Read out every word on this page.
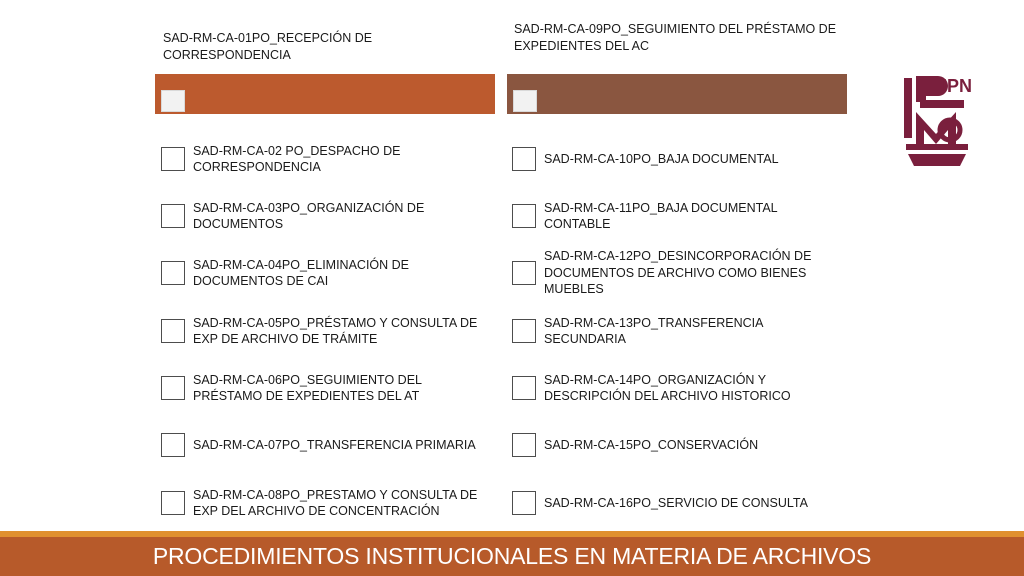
SAD-RM-CA-01PO_RECEPCIÓN DE CORRESPONDENCIA
SAD-RM-CA-09PO_SEGUIMIENTO DEL PRÉSTAMO DE EXPEDIENTES DEL AC
SAD-RM-CA-02 PO_DESPACHO DE CORRESPONDENCIA
SAD-RM-CA-03PO_ORGANIZACIÓN DE DOCUMENTOS
SAD-RM-CA-04PO_ELIMINACIÓN DE DOCUMENTOS DE CAI
SAD-RM-CA-05PO_PRÉSTAMO Y CONSULTA DE EXP DE ARCHIVO DE TRÁMITE
SAD-RM-CA-06PO_SEGUIMIENTO DEL PRÉSTAMO DE EXPEDIENTES DEL AT
SAD-RM-CA-07PO_TRANSFERENCIA PRIMARIA
SAD-RM-CA-08PO_PRESTAMO Y CONSULTA DE EXP DEL ARCHIVO DE CONCENTRACIÓN
SAD-RM-CA-10PO_BAJA DOCUMENTAL
SAD-RM-CA-11PO_BAJA DOCUMENTAL CONTABLE
SAD-RM-CA-12PO_DESINCORPORACIÓN DE DOCUMENTOS DE ARCHIVO COMO BIENES MUEBLES
SAD-RM-CA-13PO_TRANSFERENCIA SECUNDARIA
SAD-RM-CA-14PO_ORGANIZACIÓN Y DESCRIPCIÓN DEL ARCHIVO HISTORICO
SAD-RM-CA-15PO_CONSERVACIÓN
SAD-RM-CA-16PO_SERVICIO DE CONSULTA
IPN
PROCEDIMIENTOS INSTITUCIONALES EN MATERIA DE ARCHIVOS
